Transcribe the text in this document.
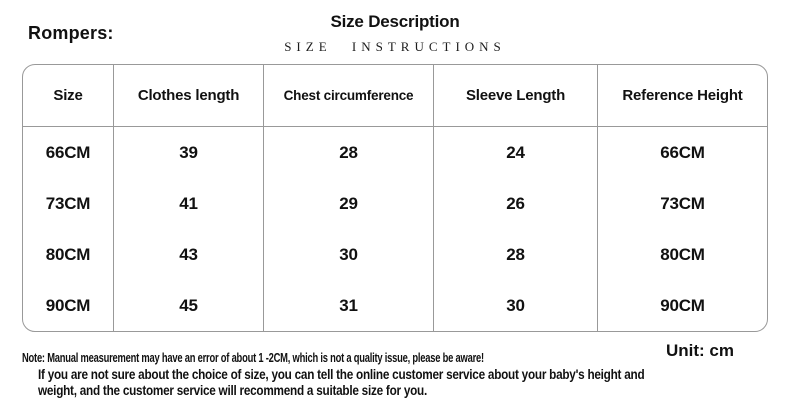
Rompers:
Size Description
SIZE INSTRUCTIONS
Size	Clothes length	Chest circumference	Sleeve Length	Reference Height
66CM	39	28	24	66CM
73CM	41	29	26	73CM
80CM	43	30	28	80CM
90CM	45	31	30	90CM
Note: Manual measurement may have an error of about 1 -2CM, which is not a quality issue, please be aware!	Unit: cm
If you are not sure about the choice of size, you can tell the online customer service about your baby's height and
weight, and the customer service will recommend a suitable size for you.
